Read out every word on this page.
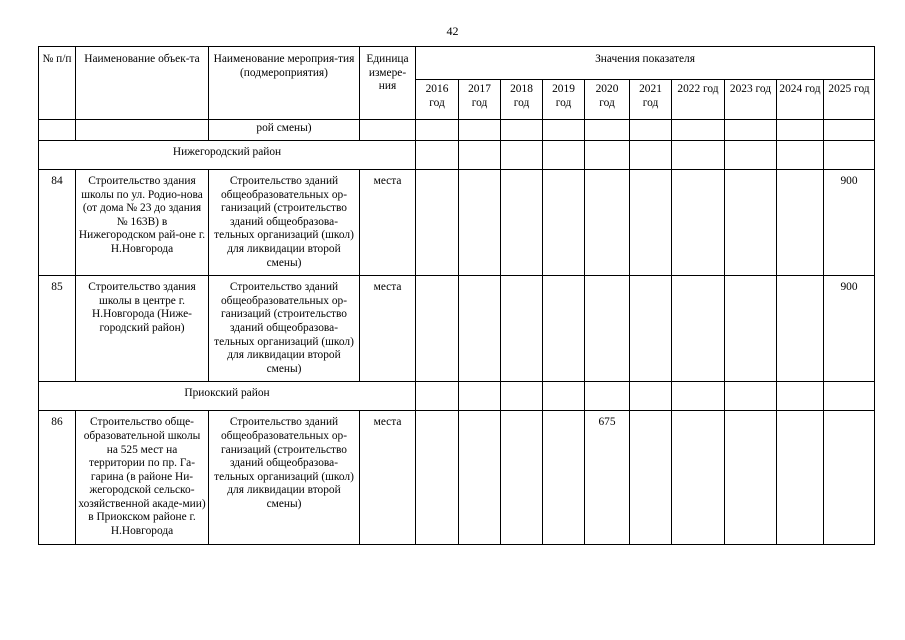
42
№ п/п	Наименование объек-та	Наименование мероприя-тия (подмероприятия)	Единица измере-ния	Значения показателя									
				2016 год	2017 год	2018 год	2019 год	2020 год	2021 год	2022 год	2023 год	2024 год	2025 год
		рой смены)											
Нижегородский район													
84	Строительство здания школы по ул. Родио-нова (от дома № 23 до здания № 163В) в Нижегородском рай-оне г. Н.Новгорода	Строительство зданий общеобразовательных ор-ганизаций (строительство зданий общеобразова-тельных организаций (школ) для ликвидации второй смены)	места										900
85	Строительство здания школы в центре г. Н.Новгорода (Ниже-городский район)	Строительство зданий общеобразовательных ор-ганизаций (строительство зданий общеобразова-тельных организаций (школ) для ликвидации второй смены)	места										900
Приокский район													
86	Строительство обще-образовательной школы на 525 мест на территории по пр. Га-гарина (в районе Ни-жегородской сельско-хозяйственной акаде-мии) в Приокском районе г. Н.Новгорода	Строительство зданий общеобразовательных ор-ганизаций (строительство зданий общеобразова-тельных организаций (школ) для ликвидации второй смены)	места					675					
